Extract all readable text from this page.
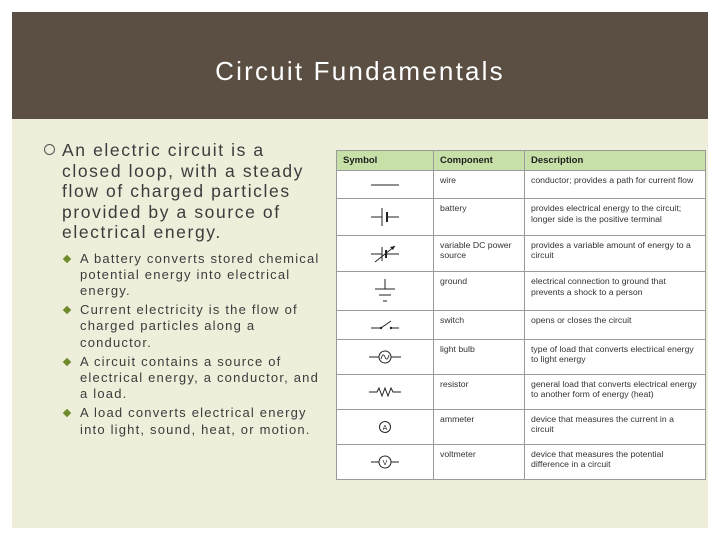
Circuit Fundamentals

An electric circuit is a closed loop, with a steady flow of charged particles provided by a source of electrical energy.

A battery converts stored chemical potential energy into electrical energy.
Current electricity is the flow of charged particles along a conductor.
A circuit contains a source of electrical energy, a conductor, and a load.
A load converts electrical energy into light, sound, heat, or motion.
Symbol	Component	Description

	wire	conductor; provides a path for current flow

	battery	provides electrical energy to the circuit; longer side is the positive terminal

	variable DC power source	provides a variable amount of energy to a circuit

	ground	electrical connection to ground that prevents a shock to a person

	switch	opens or closes the circuit

	light bulb	type of load that converts electrical energy to light energy

	resistor	general load that converts electrical energy to another form of energy (heat)

A	ammeter	device that measures the current in a circuit

V	voltmeter	device that measures the potential difference in a circuit
